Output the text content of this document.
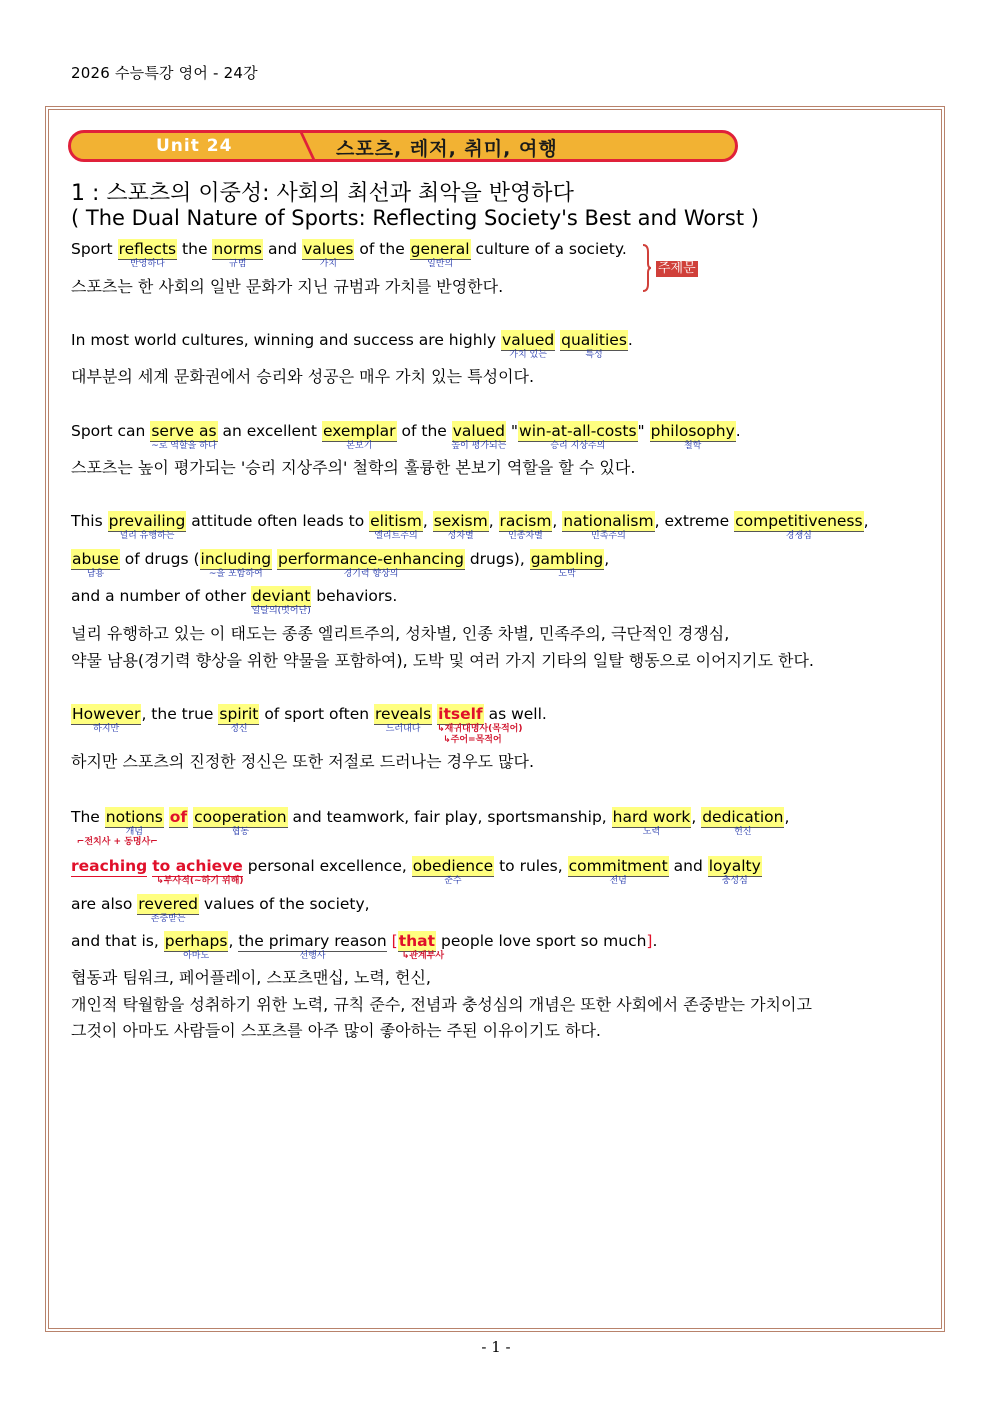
2026 수능특강 영어 - 24강
Unit 24	스포츠, 레저, 취미, 여행
1 : 스포츠의 이중성: 사회의 최선과 최악을 반영하다
( The Dual Nature of Sports: Reflecting Society's Best and Worst )
Sport reflects
반영하다
the norms
규범
and values
가치
of the general
일반의
culture of a society.
주제문
스포츠는 한 사회의 일반 문화가 지닌 규범과 가치를 반영한다.
In most world cultures, winning and success are highly valued
가치 있는
qualities
특성
.
대부분의 세계 문화권에서 승리와 성공은 매우 가치 있는 특성이다.
Sport can serve as
~로 역할을 하다
an excellent exemplar
본보기
of the valued
높이 평가되는
"win-at-all-costs
승리 지상주의
" philosophy
철학
.
스포츠는 높이 평가되는 '승리 지상주의' 철학의 훌륭한 본보기 역할을 할 수 있다.
This prevailing
널리 유행하는
attitude often leads to elitism
엘리트주의
, sexism
성차별
, racism
인종차별
, nationalism
민족주의
, extreme competitiveness
경쟁심
,
abuse
남용
of drugs (including
~을 포함하여
performance-enhancing
경기력 향상의
drugs), gambling
도박
,
and a number of other deviant
일탈의(벗어난)
behaviors.
널리 유행하고 있는 이 태도는 종종 엘리트주의, 성차별, 인종 차별, 민족주의, 극단적인 경쟁심,
약물 남용(경기력 향상을 위한 약물을 포함하여), 도박 및 여러 가지 기타의 일탈 행동으로 이어지기도 한다.
However
하지만
, the true spirit
정신
of sport often reveals
드러내다
itself
↳재귀대명사(목적어)
↳주어=목적어
as well.
하지만 스포츠의 진정한 정신은 또한 저절로 드러나는 경우도 많다.
The notions
개념
of
⌐전치사 + 동명사⌐
cooperation
협동
and teamwork, fair play, sportsmanship, hard work
노력
, dedication
헌신
,
reaching to achieve
↳부사적(~하기 위해)
personal excellence, obedience
준수
to rules, commitment
전념
and loyalty
충성심
are also revered
존중받는
values of the society,
and that is, perhaps
아마도
, the primary reason
선행사
[that
↳관계부사
people love sport so much].
협동과 팀워크, 페어플레이, 스포츠맨십, 노력, 헌신,
개인적 탁월함을 성취하기 위한 노력, 규칙 준수, 전념과 충성심의 개념은 또한 사회에서 존중받는 가치이고
그것이 아마도 사람들이 스포츠를 아주 많이 좋아하는 주된 이유이기도 하다.
- 1 -
